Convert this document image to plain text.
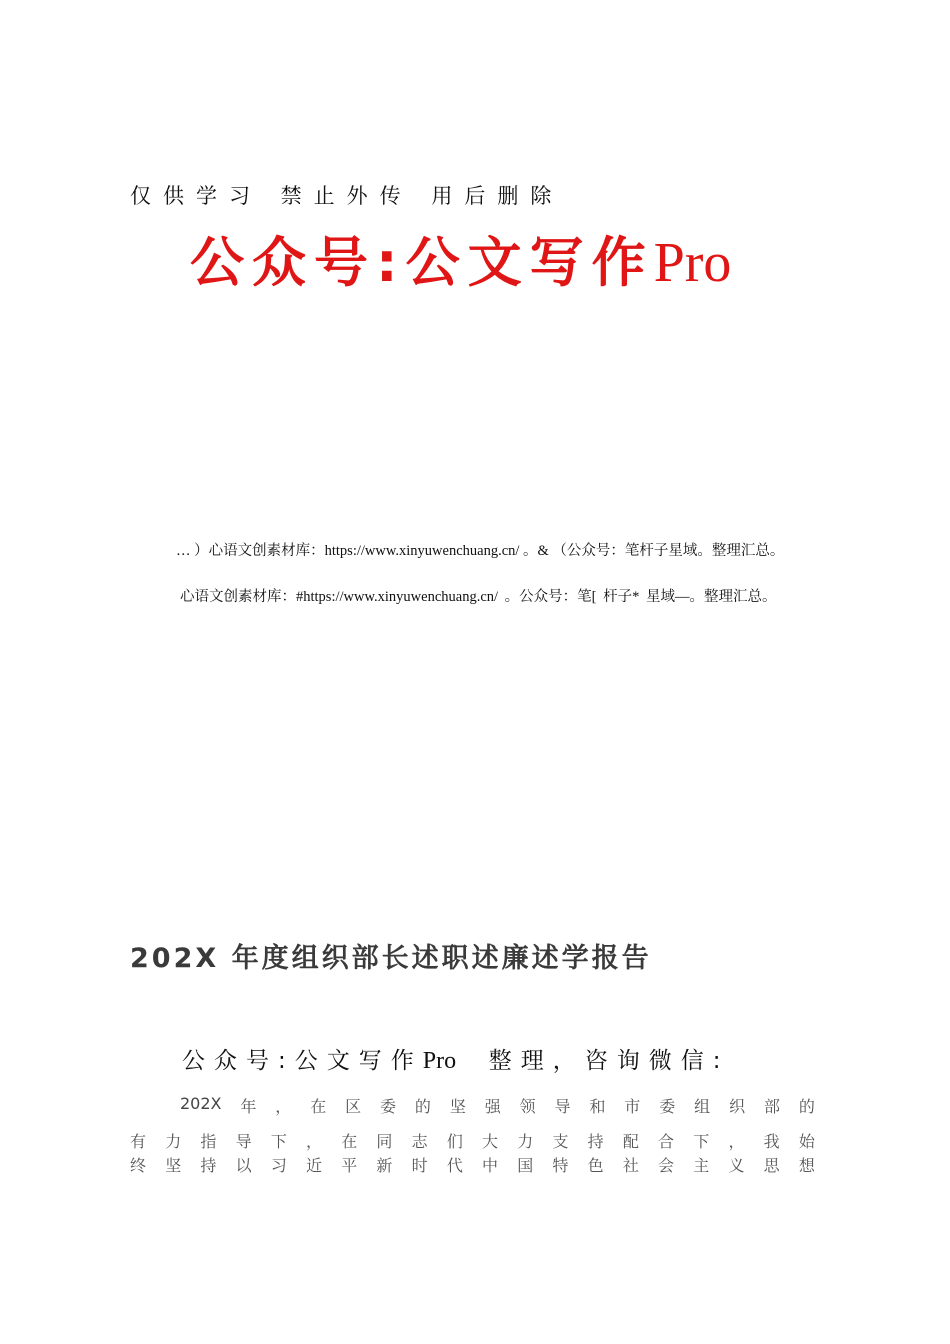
仅供学习 禁止外传 用后删除
公众号:公文写作Pro
… ）心语文创素材库：https://www.xinyuwenchuang.cn/ 。& （公众号：笔杆子星域。整理汇总。
心语文创素材库：#https://www.xinyuwenchuang.cn/ 。公众号：笔[ 杆子* 星域—。整理汇总。
202X 年度组织部长述职述廉述学报告
公众号:公文写作Pro 整理，咨询微信:
202X 年 ， 在 区 委 的 坚 强 领 导 和 市 委 组 织 部 的
有 力 指 导 下 ， 在 同 志 们 大 力 支 持 配 合 下 ， 我 始
终 坚 持 以 习 近 平 新 时 代 中 国 特 色 社 会 主 义 思 想
